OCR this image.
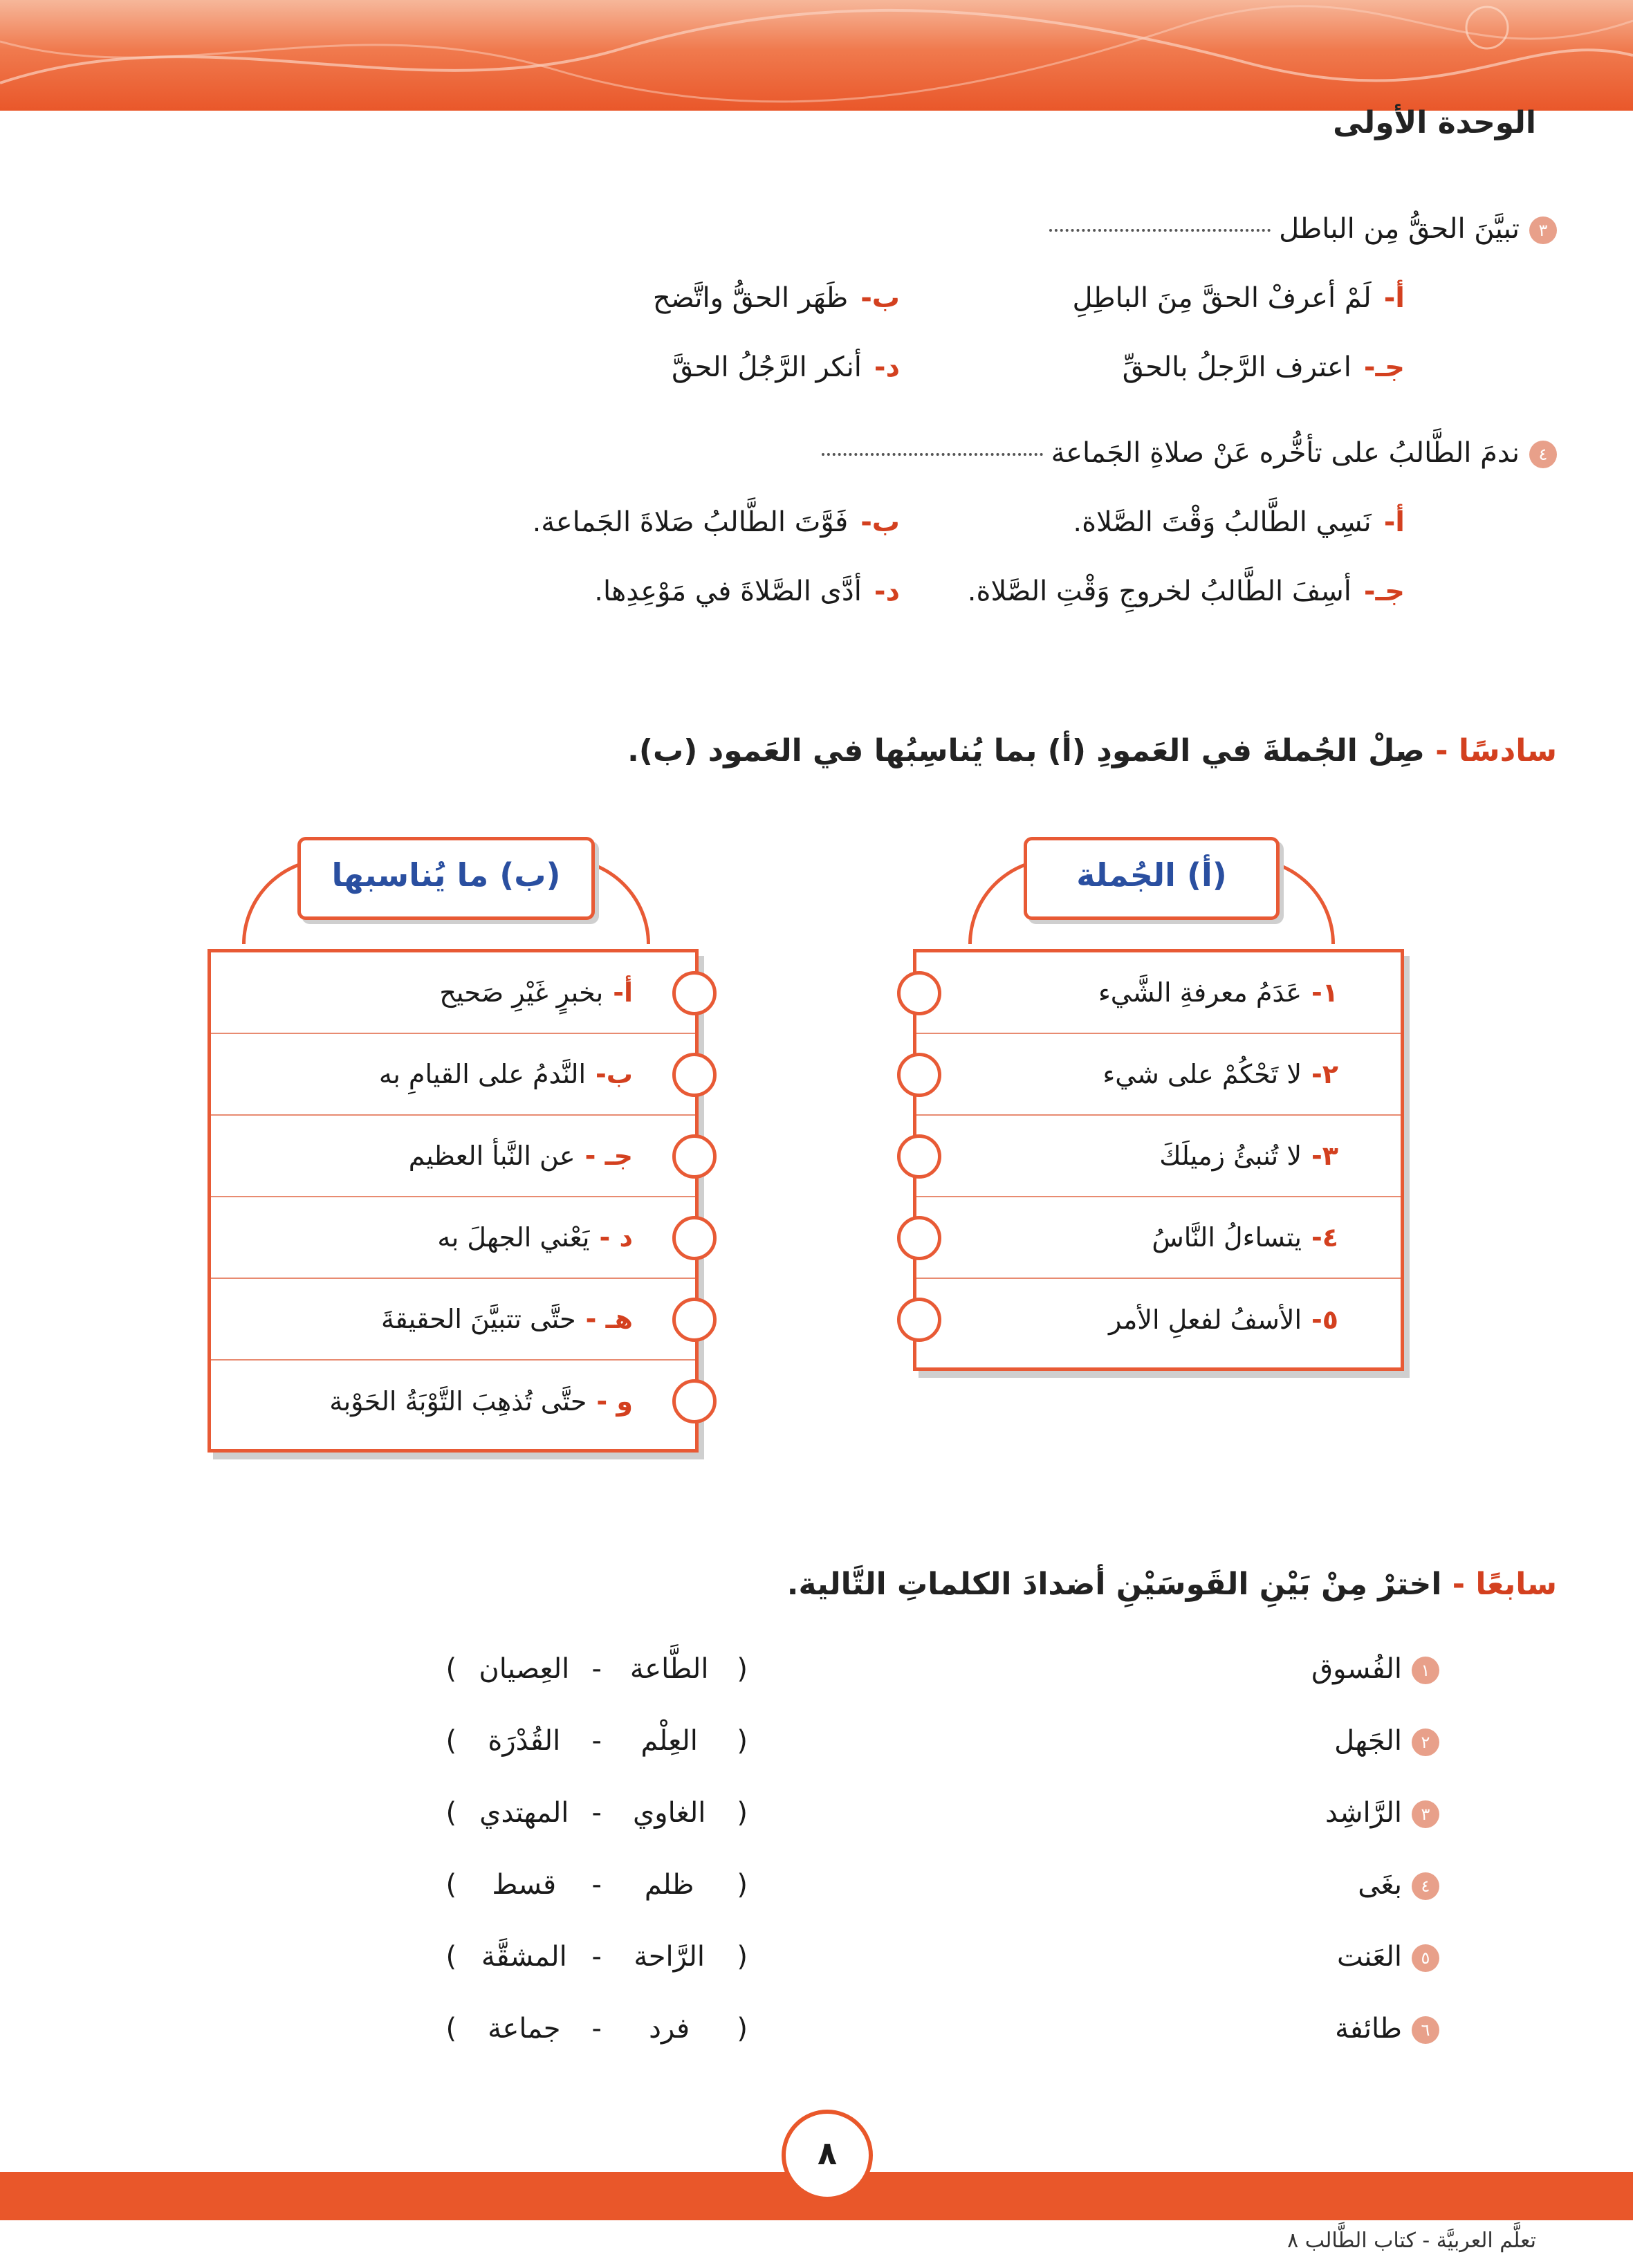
الوحدة الأولى
٣تبيَّنَ الحقُّ مِن الباطل
أ-لَمْ أعرفْ الحقَّ مِنَ الباطِلِ
ب-ظَهَر الحقُّ واتَّضح
جـ-اعترف الرَّجلُ بالحقِّ
د-أنكر الرَّجُلُ الحقَّ
٤ندمَ الطَّالبُ على تأخُّره عَنْ صلاةِ الجَماعة
أ-نَسِي الطَّالبُ وَقْتَ الصَّلاة.
ب-فَوَّتَ الطَّالبُ صَلاةَ الجَماعة.
جـ-أسِفَ الطَّالبُ لخروجِ وَقْتِ الصَّلاة.
د-أدَّى الصَّلاةَ في مَوْعِدِها.
سادسًا - صِلْ الجُملةَ في العَمودِ (أ) بما يُناسِبُها في العَمود (ب).
(أ) الجُملة
(ب) ما يُناسبها
١-
عَدَمُ معرفةِ الشَّيء
٢-
لا تَحْكُمْ على شيء
٣-
لا تُنبئُ زميلَكَ
٤-
يتساءلُ النَّاسُ
٥-
الأسفُ لفعلِ الأمر
أ-
بخبرٍ غَيْرِ صَحيح
ب-
النَّدمُ على القيامِ به
جـ -
عن النَّبأ العظيم
د -
يَعْني الجهلَ به
هـ -
حتَّى تتبيَّنَ الحقيقةَ
و -
حتَّى تُذهِبَ التَّوْبَةُ الحَوْبة
سابعًا - اخترْ مِنْ بَيْنِ القَوسَيْنِ أضدادَ الكلماتِ التَّالية.
١الفُسوق
( الطَّاعة - العِصيان )
٢الجَهل
( العِلْم - القُدْرَة )
٣الرَّاشِد
( الغاوي - المهتدي )
٤بغَى
( ظلم - قسط )
٥العَنت
( الرَّاحة - المشقَّة )
٦طائفة
( فرد - جماعة )
٨
تعلَّم العربيَّة - كتاب الطَّالب ٨
